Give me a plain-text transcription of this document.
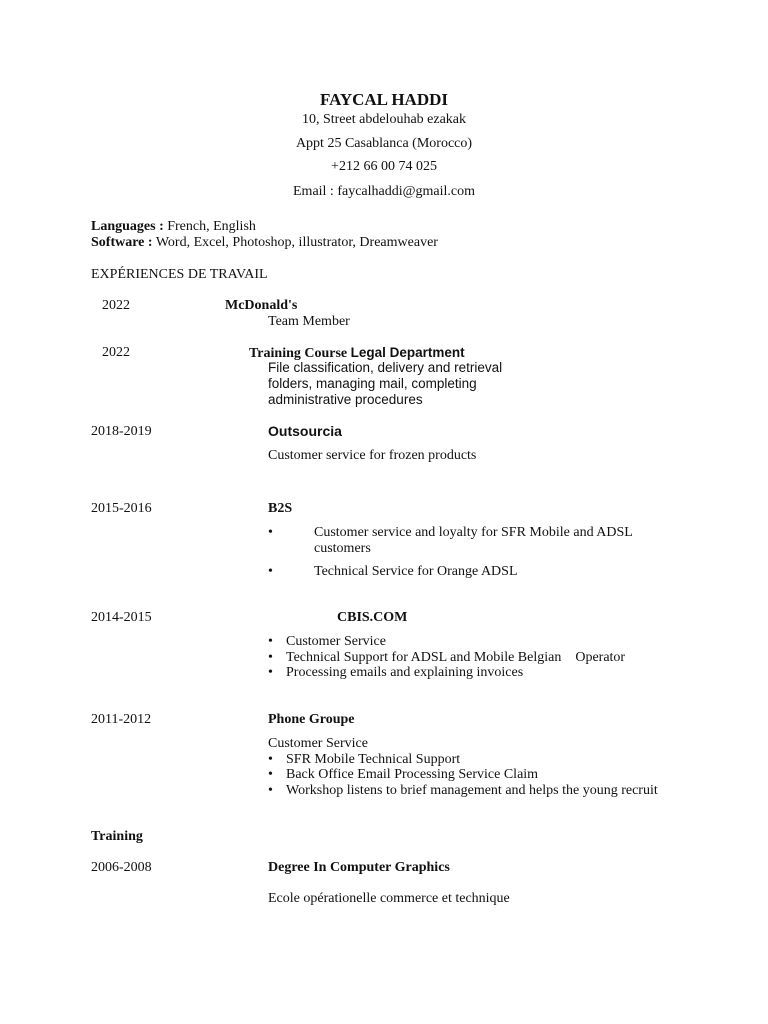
FAYCAL HADDI
10, Street abdelouhab ezakak
Appt 25 Casablanca (Morocco)
+212 66 00 74 025
Email : faycalhaddi@gmail.com
Languages : French, English
Software : Word, Excel, Photoshop, illustrator, Dreamweaver
EXPÉRIENCES DE TRAVAIL
2022	McDonald's
Team Member
2022	Training Course Legal Department
File classification, delivery and retrieval
folders, managing mail, completing
administrative procedures
2018-2019	Outsourcia
Customer service for frozen products
2015-2016	B2S
•	Customer service and loyalty for SFR Mobile and ADSL
customers
•	Technical Service for Orange ADSL
2014-2015	CBIS.COM
• Customer Service
• Technical Support for ADSL and Mobile Belgian    Operator
• Processing emails and explaining invoices
2011-2012	Phone Groupe
Customer Service
• SFR Mobile Technical Support
• Back Office Email Processing Service Claim
• Workshop listens to brief management and helps the young recruit
Training
2006-2008	Degree In Computer Graphics
Ecole opérationelle commerce et technique
